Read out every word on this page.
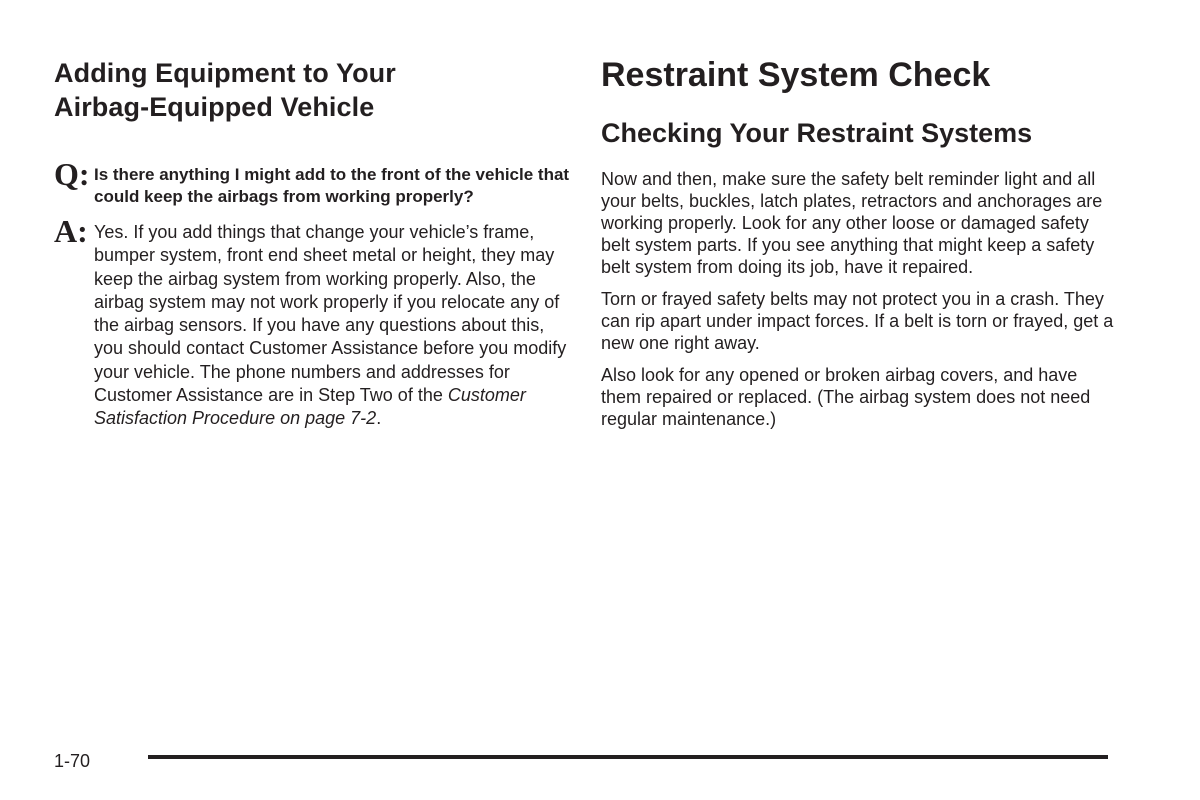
Adding Equipment to Your
Airbag-Equipped Vehicle
Q: Is there anything I might add to the front of the vehicle that could keep the airbags from working properly?
A: Yes. If you add things that change your vehicle’s frame, bumper system, front end sheet metal or height, they may keep the airbag system from working properly. Also, the airbag system may not work properly if you relocate any of the airbag sensors. If you have any questions about this, you should contact Customer Assistance before you modify your vehicle. The phone numbers and addresses for Customer Assistance are in Step Two of the Customer Satisfaction Procedure on page 7-2.
Restraint System Check
Checking Your Restraint Systems

Now and then, make sure the safety belt reminder light and all your belts, buckles, latch plates, retractors and anchorages are working properly. Look for any other loose or damaged safety belt system parts. If you see anything that might keep a safety belt system from doing its job, have it repaired.

Torn or frayed safety belts may not protect you in a crash. They can rip apart under impact forces. If a belt is torn or frayed, get a new one right away.

Also look for any opened or broken airbag covers, and have them repaired or replaced. (The airbag system does not need regular maintenance.)

1-70
